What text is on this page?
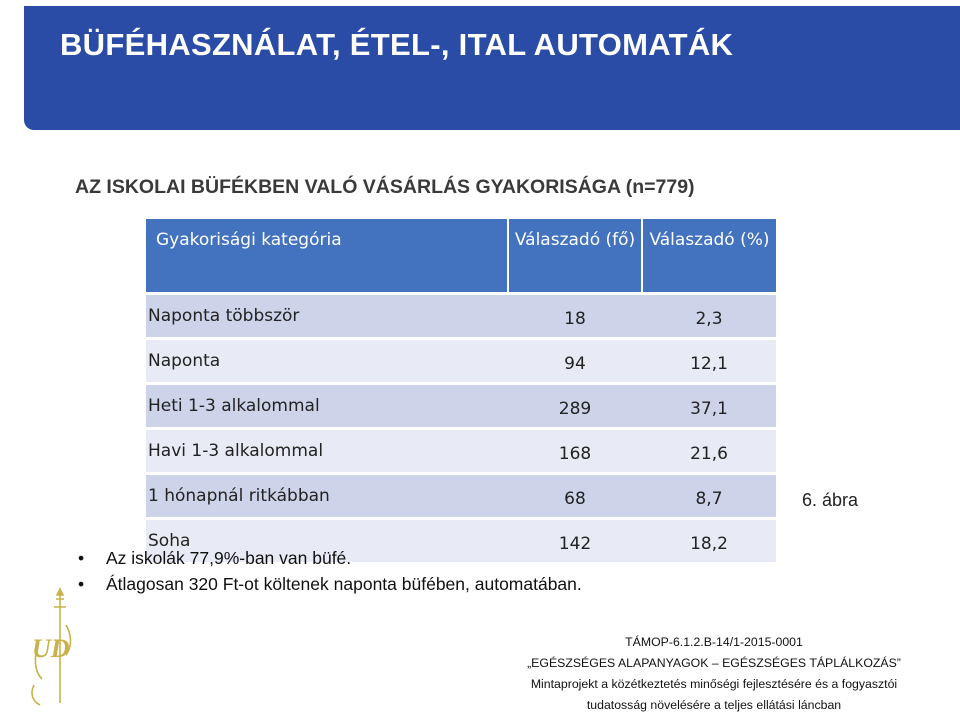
BÜFÉHASZNÁLAT, ÉTEL-, ITAL AUTOMATÁK
AZ ISKOLAI BÜFÉKBEN VALÓ VÁSÁRLÁS GYAKORISÁGA (n=779)
Gyakorisági kategória	Válaszadó (fő)	Válaszadó (%)
Naponta többször	18	2,3
Naponta	94	12,1
Heti 1-3 alkalommal	289	37,1
Havi 1-3 alkalommal	168	21,6
1 hónapnál ritkábban	68	8,7
Soha	142	18,2
6. ábra
• Az iskolák 77,9%-ban van büfé.
• Átlagosan 320 Ft-ot költenek naponta büfében, automatában.
UD	TÁMOP-6.1.2.B-14/1-2015-0001
„EGÉSZSÉGES ALAPANYAGOK – EGÉSZSÉGES TÁPLÁLKOZÁS”
Mintaprojekt a közétkeztetés minőségi fejlesztésére és a fogyasztói
tudatosság növelésére a teljes ellátási láncban
